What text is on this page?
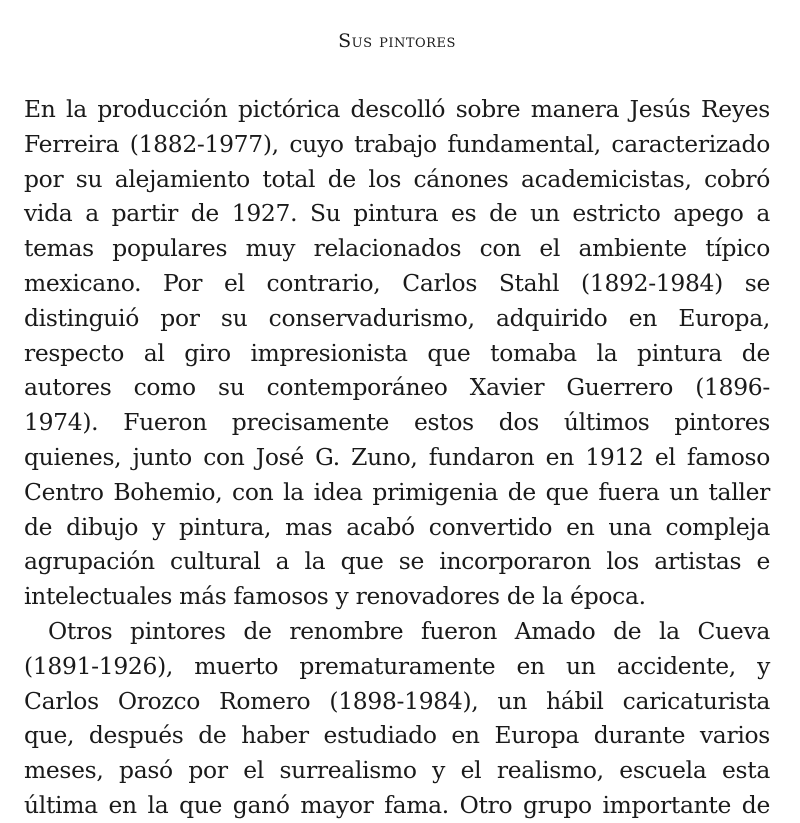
Sus pintores

En la producción pictórica descolló sobre manera Jesús Reyes
Ferreira (1882-1977), cuyo trabajo fundamental, caracterizado
por su alejamiento total de los cánones academicistas, cobró
vida a partir de 1927. Su pintura es de un estricto apego a
temas populares muy relacionados con el ambiente típico
mexicano. Por el contrario, Carlos Stahl (1892-1984) se
distinguió por su conservadurismo, adquirido en Europa,
respecto al giro impresionista que tomaba la pintura de
autores como su contemporáneo Xavier Guerrero (1896-
1974). Fueron precisamente estos dos últimos pintores
quienes, junto con José G. Zuno, fundaron en 1912 el famoso
Centro Bohemio, con la idea primigenia de que fuera un taller
de dibujo y pintura, mas acabó convertido en una compleja
agrupación cultural a la que se incorporaron los artistas e
intelectuales más famosos y renovadores de la época.

Otros pintores de renombre fueron Amado de la Cueva
(1891-1926), muerto prematuramente en un accidente, y
Carlos Orozco Romero (1898-1984), un hábil caricaturista
que, después de haber estudiado en Europa durante varios
meses, pasó por el surrealismo y el realismo, escuela esta
última en la que ganó mayor fama. Otro grupo importante de
